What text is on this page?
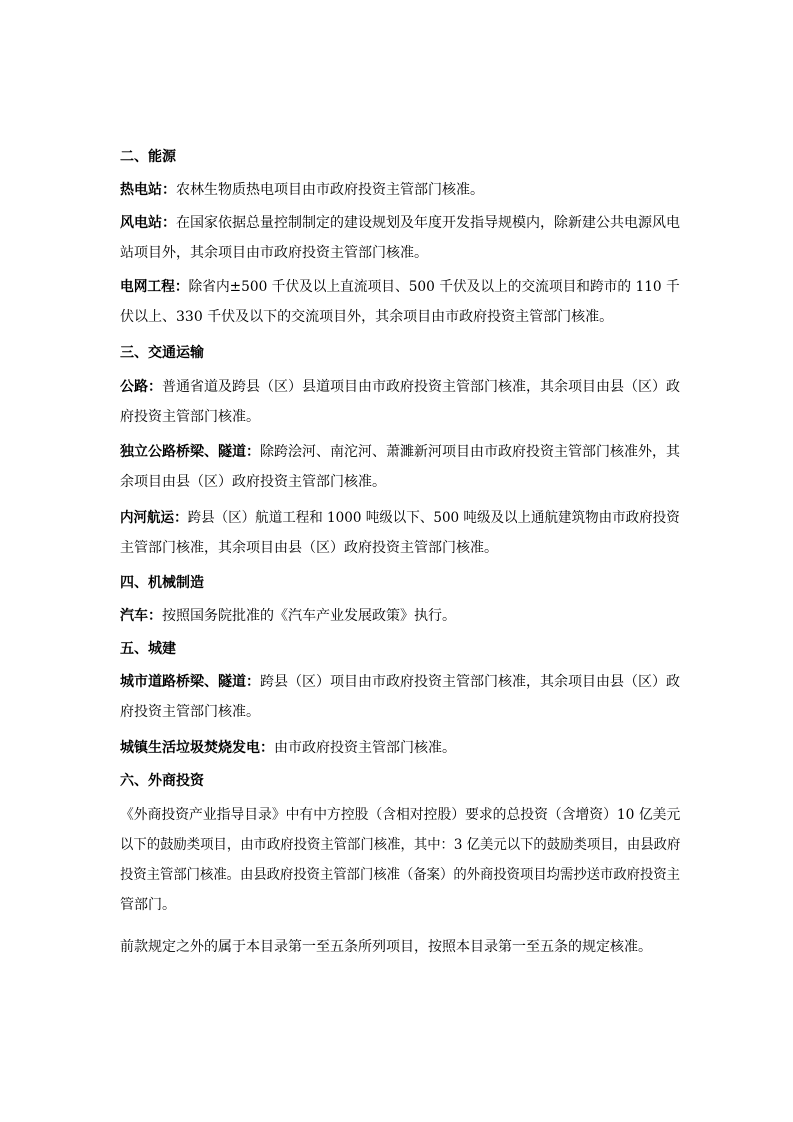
二、能源

热电站：农林生物质热电项目由市政府投资主管部门核准。

风电站：在国家依据总量控制制定的建设规划及年度开发指导规模内，除新建公共电源风电
站项目外，其余项目由市政府投资主管部门核准。

电网工程：除省内±500 千伏及以上直流项目、500 千伏及以上的交流项目和跨市的 110 千
伏以上、330 千伏及以下的交流项目外，其余项目由市政府投资主管部门核准。

三、交通运输

公路：普通省道及跨县（区）县道项目由市政府投资主管部门核准，其余项目由县（区）政
府投资主管部门核准。

独立公路桥梁、隧道：除跨浍河、南沱河、萧濉新河项目由市政府投资主管部门核准外，其
余项目由县（区）政府投资主管部门核准。

内河航运：跨县（区）航道工程和 1000 吨级以下、500 吨级及以上通航建筑物由市政府投资
主管部门核准，其余项目由县（区）政府投资主管部门核准。

四、机械制造

汽车：按照国务院批准的《汽车产业发展政策》执行。

五、城建

城市道路桥梁、隧道：跨县（区）项目由市政府投资主管部门核准，其余项目由县（区）政
府投资主管部门核准。

城镇生活垃圾焚烧发电：由市政府投资主管部门核准。

六、外商投资

《外商投资产业指导目录》中有中方控股（含相对控股）要求的总投资（含增资）10 亿美元
以下的鼓励类项目，由市政府投资主管部门核准，其中：3 亿美元以下的鼓励类项目，由县政府
投资主管部门核准。由县政府投资主管部门核准（备案）的外商投资项目均需抄送市政府投资主
管部门。

前款规定之外的属于本目录第一至五条所列项目，按照本目录第一至五条的规定核准。
